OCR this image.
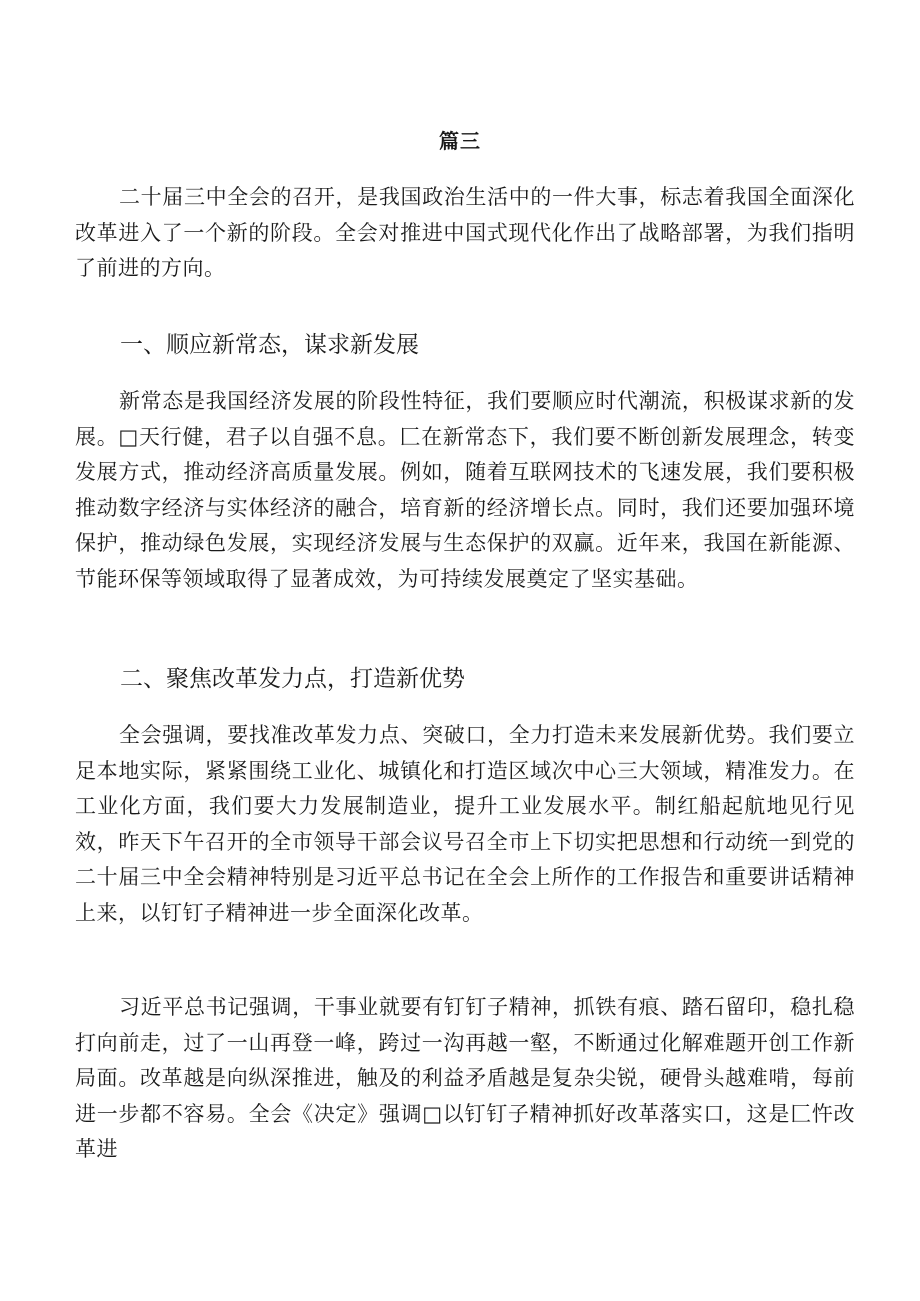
篇三

二十届三中全会的召开，是我国政治生活中的一件大事，标志着我国全面深化改革进入了一个新的阶段。全会对推进中国式现代化作出了战略部署，为我们指明了前进的方向。

一、顺应新常态，谋求新发展

新常态是我国经济发展的阶段性特征，我们要顺应时代潮流，积极谋求新的发展。□天行健，君子以自强不息。匚在新常态下，我们要不断创新发展理念，转变发展方式，推动经济高质量发展。例如，随着互联网技术的飞速发展，我们要积极推动数字经济与实体经济的融合，培育新的经济增长点。同时，我们还要加强环境保护，推动绿色发展，实现经济发展与生态保护的双赢。近年来，我国在新能源、节能环保等领域取得了显著成效，为可持续发展奠定了坚实基础。

二、聚焦改革发力点，打造新优势

全会强调，要找准改革发力点、突破口，全力打造未来发展新优势。我们要立足本地实际，紧紧围绕工业化、城镇化和打造区域次中心三大领域，精准发力。在工业化方面，我们要大力发展制造业，提升工业发展水平。制红船起航地见行见效，昨天下午召开的全市领导干部会议号召全市上下切实把思想和行动统一到党的二十届三中全会精神特别是习近平总书记在全会上所作的工作报告和重要讲话精神上来，以钉钉子精神进一步全面深化改革。

习近平总书记强调，干事业就要有钉钉子精神，抓铁有痕、踏石留印，稳扎稳打向前走，过了一山再登一峰，跨过一沟再越一壑，不断通过化解难题开创工作新局面。改革越是向纵深推进，触及的利益矛盾越是复杂尖锐，硬骨头越难啃，每前进一步都不容易。全会《决定》强调□以钉钉子精神抓好改革落实口，这是匚忤改革进
